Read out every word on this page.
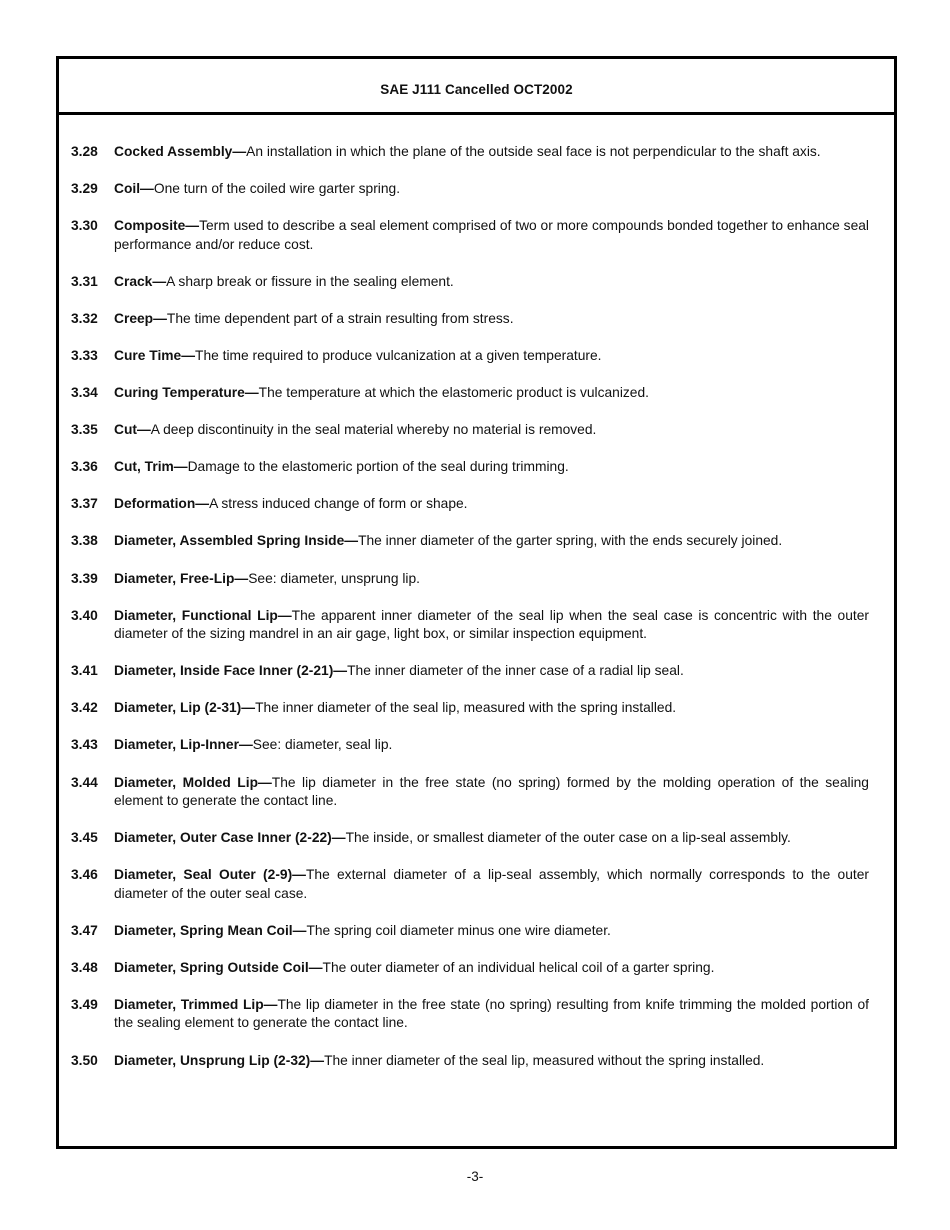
SAE J111 Cancelled OCT2002
3.28	Cocked Assembly—An installation in which the plane of the outside seal face is not perpendicular to the shaft axis.
3.29	Coil—One turn of the coiled wire garter spring.
3.30	Composite—Term used to describe a seal element comprised of two or more compounds bonded together to enhance seal performance and/or reduce cost.
3.31	Crack—A sharp break or fissure in the sealing element.
3.32	Creep—The time dependent part of a strain resulting from stress.
3.33	Cure Time—The time required to produce vulcanization at a given temperature.
3.34	Curing Temperature—The temperature at which the elastomeric product is vulcanized.
3.35	Cut—A deep discontinuity in the seal material whereby no material is removed.
3.36	Cut, Trim—Damage to the elastomeric portion of the seal during trimming.
3.37	Deformation—A stress induced change of form or shape.
3.38	Diameter, Assembled Spring Inside—The inner diameter of the garter spring, with the ends securely joined.
3.39	Diameter, Free-Lip—See: diameter, unsprung lip.
3.40	Diameter, Functional Lip—The apparent inner diameter of the seal lip when the seal case is concentric with the outer diameter of the sizing mandrel in an air gage, light box, or similar inspection equipment.
3.41	Diameter, Inside Face Inner (2-21)—The inner diameter of the inner case of a radial lip seal.
3.42	Diameter, Lip (2-31)—The inner diameter of the seal lip, measured with the spring installed.
3.43	Diameter, Lip-Inner—See: diameter, seal lip.
3.44	Diameter, Molded Lip—The lip diameter in the free state (no spring) formed by the molding operation of the sealing element to generate the contact line.
3.45	Diameter, Outer Case Inner (2-22)—The inside, or smallest diameter of the outer case on a lip-seal assembly.
3.46	Diameter, Seal Outer (2-9)—The external diameter of a lip-seal assembly, which normally corresponds to the outer diameter of the outer seal case.
3.47	Diameter, Spring Mean Coil—The spring coil diameter minus one wire diameter.
3.48	Diameter, Spring Outside Coil—The outer diameter of an individual helical coil of a garter spring.
3.49	Diameter, Trimmed Lip—The lip diameter in the free state (no spring) resulting from knife trimming the molded portion of the sealing element to generate the contact line.
3.50	Diameter, Unsprung Lip (2-32)—The inner diameter of the seal lip, measured without the spring installed.
-3-
